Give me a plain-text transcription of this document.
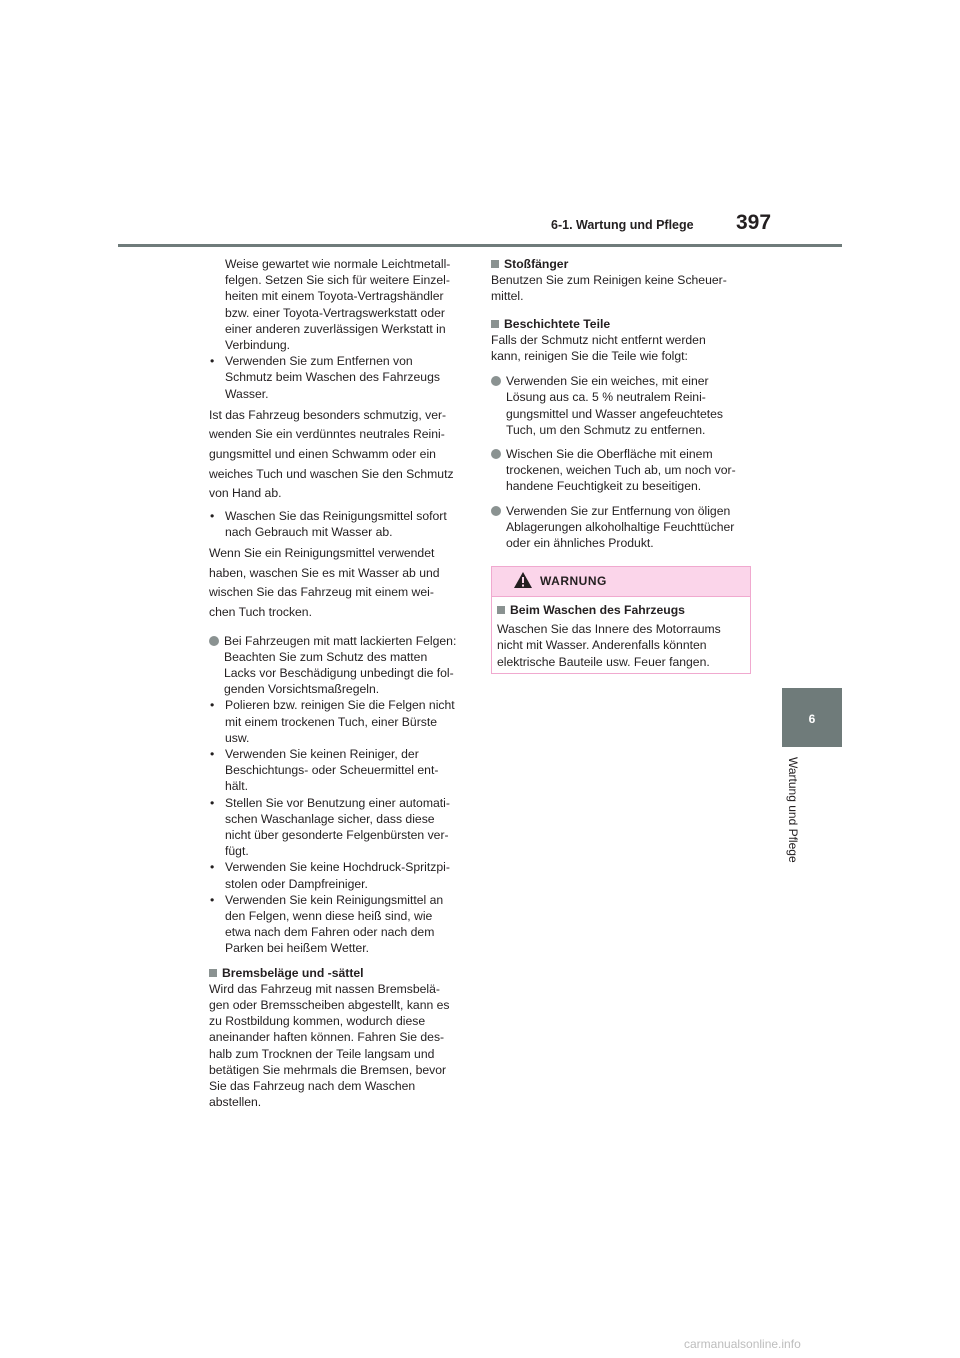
6-1. Wartung und Pflege 397
6
Wartung und Pflege
Weise gewartet wie normale Leichtmetall-
felgen. Setzen Sie sich für weitere Einzel-
heiten mit einem Toyota-Vertragshändler
bzw. einer Toyota-Vertragswerkstatt oder
einer anderen zuverlässigen Werkstatt in
Verbindung.
• Verwenden Sie zum Entfernen von
Schmutz beim Waschen des Fahrzeugs
Wasser.
Ist das Fahrzeug besonders schmutzig, ver-
wenden Sie ein verdünntes neutrales Reini-
gungsmittel und einen Schwamm oder ein
weiches Tuch und waschen Sie den Schmutz
von Hand ab.
• Waschen Sie das Reinigungsmittel sofort
nach Gebrauch mit Wasser ab.
Wenn Sie ein Reinigungsmittel verwendet
haben, waschen Sie es mit Wasser ab und
wischen Sie das Fahrzeug mit einem wei-
chen Tuch trocken.
Bei Fahrzeugen mit matt lackierten Felgen:
Beachten Sie zum Schutz des matten
Lacks vor Beschädigung unbedingt die fol-
genden Vorsichtsmaßregeln.
• Polieren bzw. reinigen Sie die Felgen nicht
mit einem trockenen Tuch, einer Bürste
usw.
• Verwenden Sie keinen Reiniger, der
Beschichtungs- oder Scheuermittel ent-
hält.
• Stellen Sie vor Benutzung einer automati-
schen Waschanlage sicher, dass diese
nicht über gesonderte Felgenbürsten ver-
fügt.
• Verwenden Sie keine Hochdruck-Spritzpi-
stolen oder Dampfreiniger.
• Verwenden Sie kein Reinigungsmittel an
den Felgen, wenn diese heiß sind, wie
etwa nach dem Fahren oder nach dem
Parken bei heißem Wetter.
Bremsbeläge und -sättel
Wird das Fahrzeug mit nassen Bremsbelä-
gen oder Bremsscheiben abgestellt, kann es
zu Rostbildung kommen, wodurch diese
aneinander haften können. Fahren Sie des-
halb zum Trocknen der Teile langsam und
betätigen Sie mehrmals die Bremsen, bevor
Sie das Fahrzeug nach dem Waschen
abstellen.
Stoßfänger
Benutzen Sie zum Reinigen keine Scheuer-
mittel.
Beschichtete Teile
Falls der Schmutz nicht entfernt werden
kann, reinigen Sie die Teile wie folgt:
Verwenden Sie ein weiches, mit einer
Lösung aus ca. 5 % neutralem Reini-
gungsmittel und Wasser angefeuchtetes
Tuch, um den Schmutz zu entfernen.
Wischen Sie die Oberfläche mit einem
trockenen, weichen Tuch ab, um noch vor-
handene Feuchtigkeit zu beseitigen.
Verwenden Sie zur Entfernung von öligen
Ablagerungen alkoholhaltige Feuchttücher
oder ein ähnliches Produkt.
WARNUNG
Beim Waschen des Fahrzeugs
Waschen Sie das Innere des Motorraums
nicht mit Wasser. Anderenfalls könnten
elektrische Bauteile usw. Feuer fangen.
carmanualsonline.info
